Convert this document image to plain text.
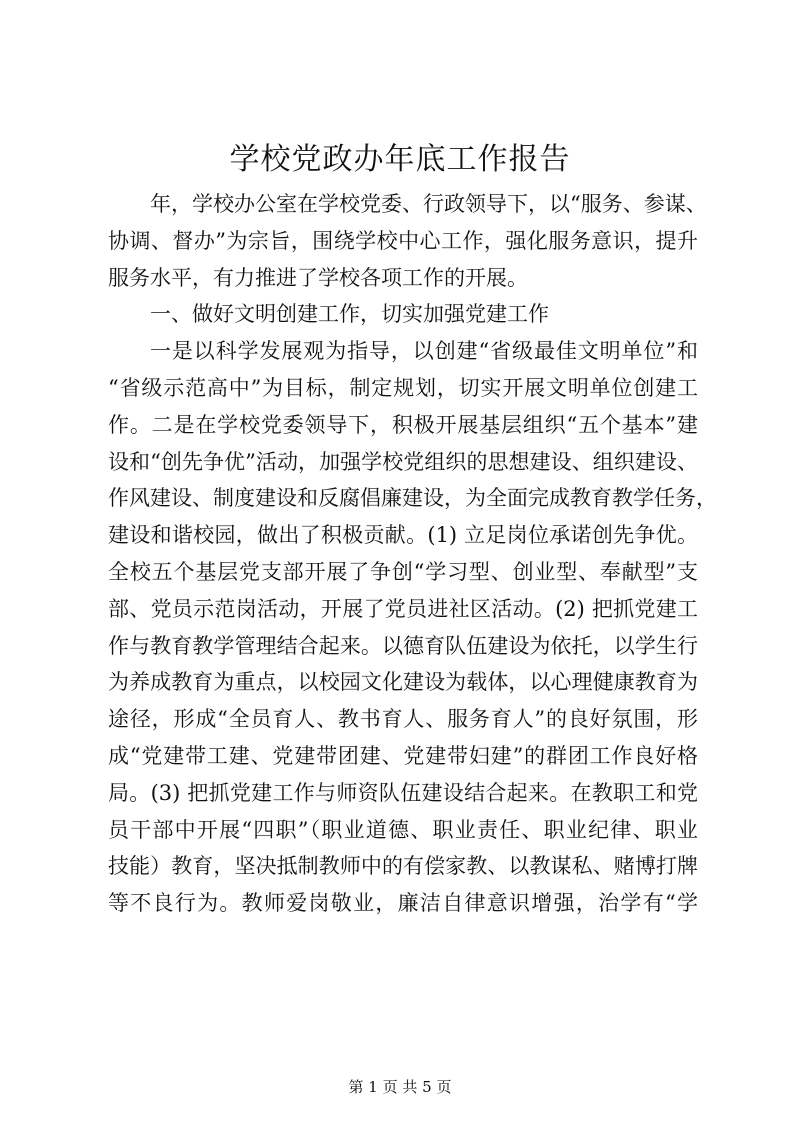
学校党政办年底工作报告
年，学校办公室在学校党委、行政领导下，以“服务、参谋、
协调、督办”为宗旨，围绕学校中心工作，强化服务意识，提升
服务水平，有力推进了学校各项工作的开展。
一、做好文明创建工作，切实加强党建工作
一是以科学发展观为指导，以创建“省级最佳文明单位”和
“省级示范高中”为目标，制定规划，切实开展文明单位创建工
作。二是在学校党委领导下，积极开展基层组织“五个基本”建
设和“创先争优”活动，加强学校党组织的思想建设、组织建设、
作风建设、制度建设和反腐倡廉建设，为全面完成教育教学任务，
建设和谐校园，做出了积极贡献。(1) 立足岗位承诺创先争优。
全校五个基层党支部开展了争创“学习型、创业型、奉献型”支
部、党员示范岗活动，开展了党员进社区活动。(2) 把抓党建工
作与教育教学管理结合起来。以德育队伍建设为依托，以学生行
为养成教育为重点，以校园文化建设为载体，以心理健康教育为
途径，形成“全员育人、教书育人、服务育人”的良好氛围，形
成“党建带工建、党建带团建、党建带妇建”的群团工作良好格
局。(3) 把抓党建工作与师资队伍建设结合起来。在教职工和党
员干部中开展“四职”（职业道德、职业责任、职业纪律、职业
技能）教育，坚决抵制教师中的有偿家教、以教谋私、赌博打牌
等不良行为。教师爱岗敬业，廉洁自律意识增强，治学有“学
第 1 页 共 5 页
